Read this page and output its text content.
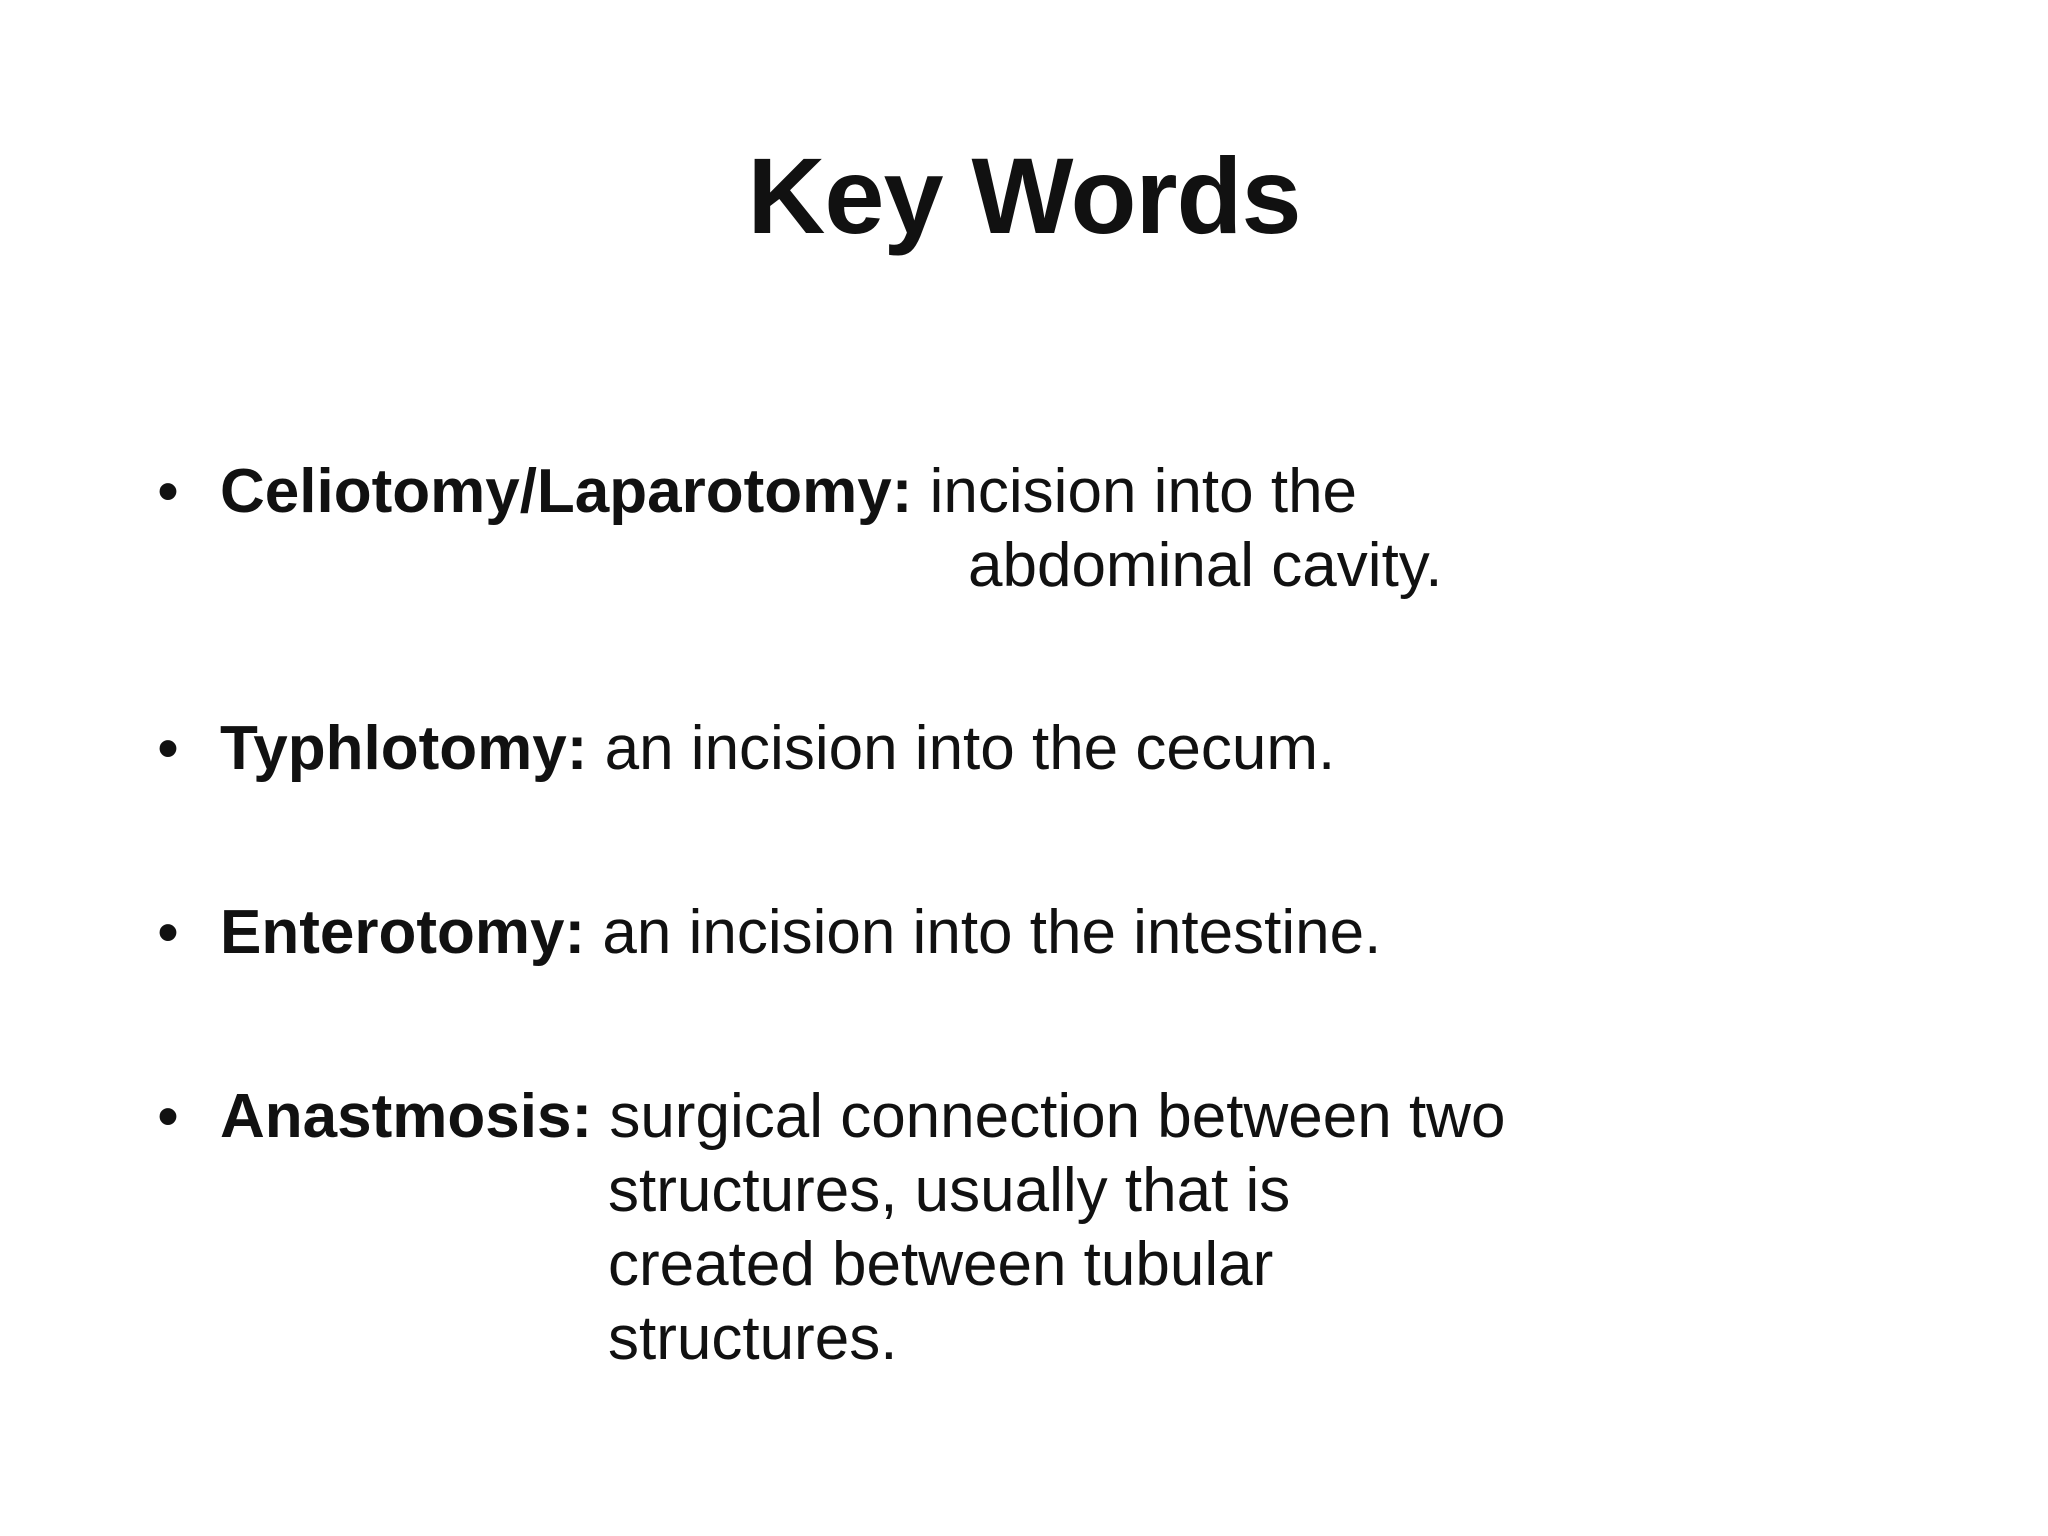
Key Words
• Celiotomy/Laparotomy: incision into the
abdominal cavity.
• Typhlotomy: an incision into the cecum.
• Enterotomy: an incision into the intestine.
• Anastmosis: surgical connection between two
structures, usually that is
created between tubular
structures.
